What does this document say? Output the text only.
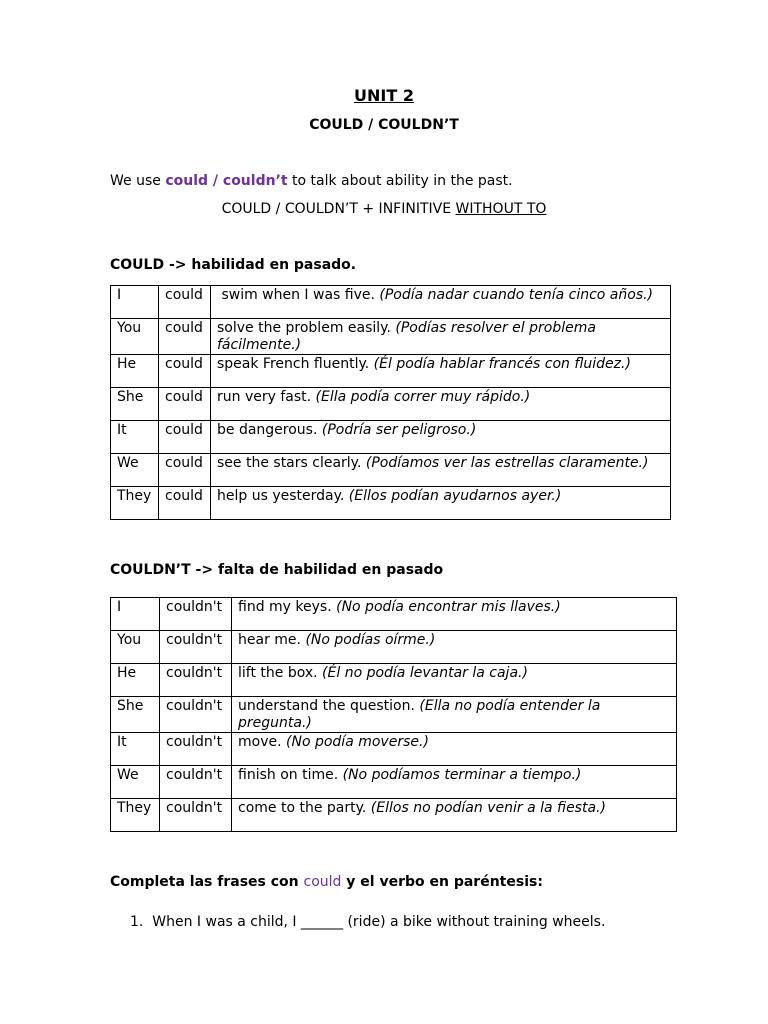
UNIT 2
COULD / COULDN’T
We use could / couldn’t to talk about ability in the past.
COULD / COULDN’T + INFINITIVE WITHOUT TO
COULD -> habilidad en pasado.
I	could	swim when I was five. (Podía nadar cuando tenía cinco años.)
You	could	solve the problem easily. (Podías resolver el problema fácilmente.)
He	could	speak French fluently. (Él podía hablar francés con fluidez.)
She	could	run very fast. (Ella podía correr muy rápido.)
It	could	be dangerous. (Podría ser peligroso.)
We	could	see the stars clearly. (Podíamos ver las estrellas claramente.)
They	could	help us yesterday. (Ellos podían ayudarnos ayer.)
COULDN’T -> falta de habilidad en pasado
I	couldn't	find my keys. (No podía encontrar mis llaves.)
You	couldn't	hear me. (No podías oírme.)
He	couldn't	lift the box. (Él no podía levantar la caja.)
She	couldn't	understand the question. (Ella no podía entender la pregunta.)
It	couldn't	move. (No podía moverse.)
We	couldn't	finish on time. (No podíamos terminar a tiempo.)
They	couldn't	come to the party. (Ellos no podían venir a la fiesta.)
Completa las frases con could y el verbo en paréntesis:
1. When I was a child, I ______ (ride) a bike without training wheels.
